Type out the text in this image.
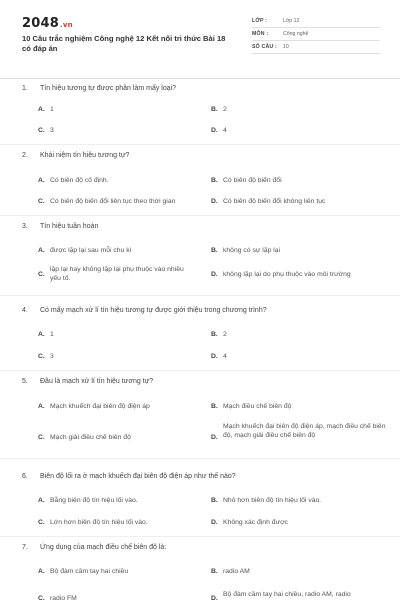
2048.vn
10 Câu trắc nghiệm Công nghệ 12 Kết nối tri thức Bài 18 có đáp án
LỚP :	Lớp 12
MÔN :	Công nghệ
SỐ CÂU : 10
1. Tín hiệu tương tự được phân làm mấy loại?
A. 1	B. 2
C. 3	D. 4
2. Khái niệm tín hiệu tương tự?
A. Có biên độ cố định.	B. Có biên độ biến đổi
C. Có biên độ biến đổi liên tục theo thời gian	D. Có biên độ biến đổi không liên tục
3. Tín hiệu tuần hoàn
A. được lặp lại sau mỗi chu kì	B. không có sự lặp lại
C.
lặp lại hay không lặp lại phụ thuộc vào nhiều yếu tố.
D. không lặp lại do phụ thuộc vào môi trường
4. Có mấy mạch xử lí tín hiệu tương tự được giới thiệu trong chương trình?
A. 1	B. 2
C. 3	D. 4
5. Đâu là mạch xử lí tín hiệu tương tự?
A. Mạch khuếch đại biên độ điện áp	B. Mạch điều chế biên độ
C. Mạch giải điều chế biên độ	D.
Mạch khuếch đại biên độ điện áp, mạch điều chế biên độ, mạch giải điều chế biên độ
6. Biên độ lối ra ở mạch khuếch đại biên độ điện áp như thế nào?
A. Bằng biên độ tín hiệu lối vào.	B. Nhỏ hơn biên độ tín hiệu lối vào.
C. Lớn hơn biên độ tín hiệu lối vào.	D. Không xác định được
7. Ứng dụng của mạch điều chế biên độ là:
A. Bộ đàm cầm tay hai chiều	B. radio AM
C. radio FM	D.
Bộ đàm cầm tay hai chiều, radio AM, radio
